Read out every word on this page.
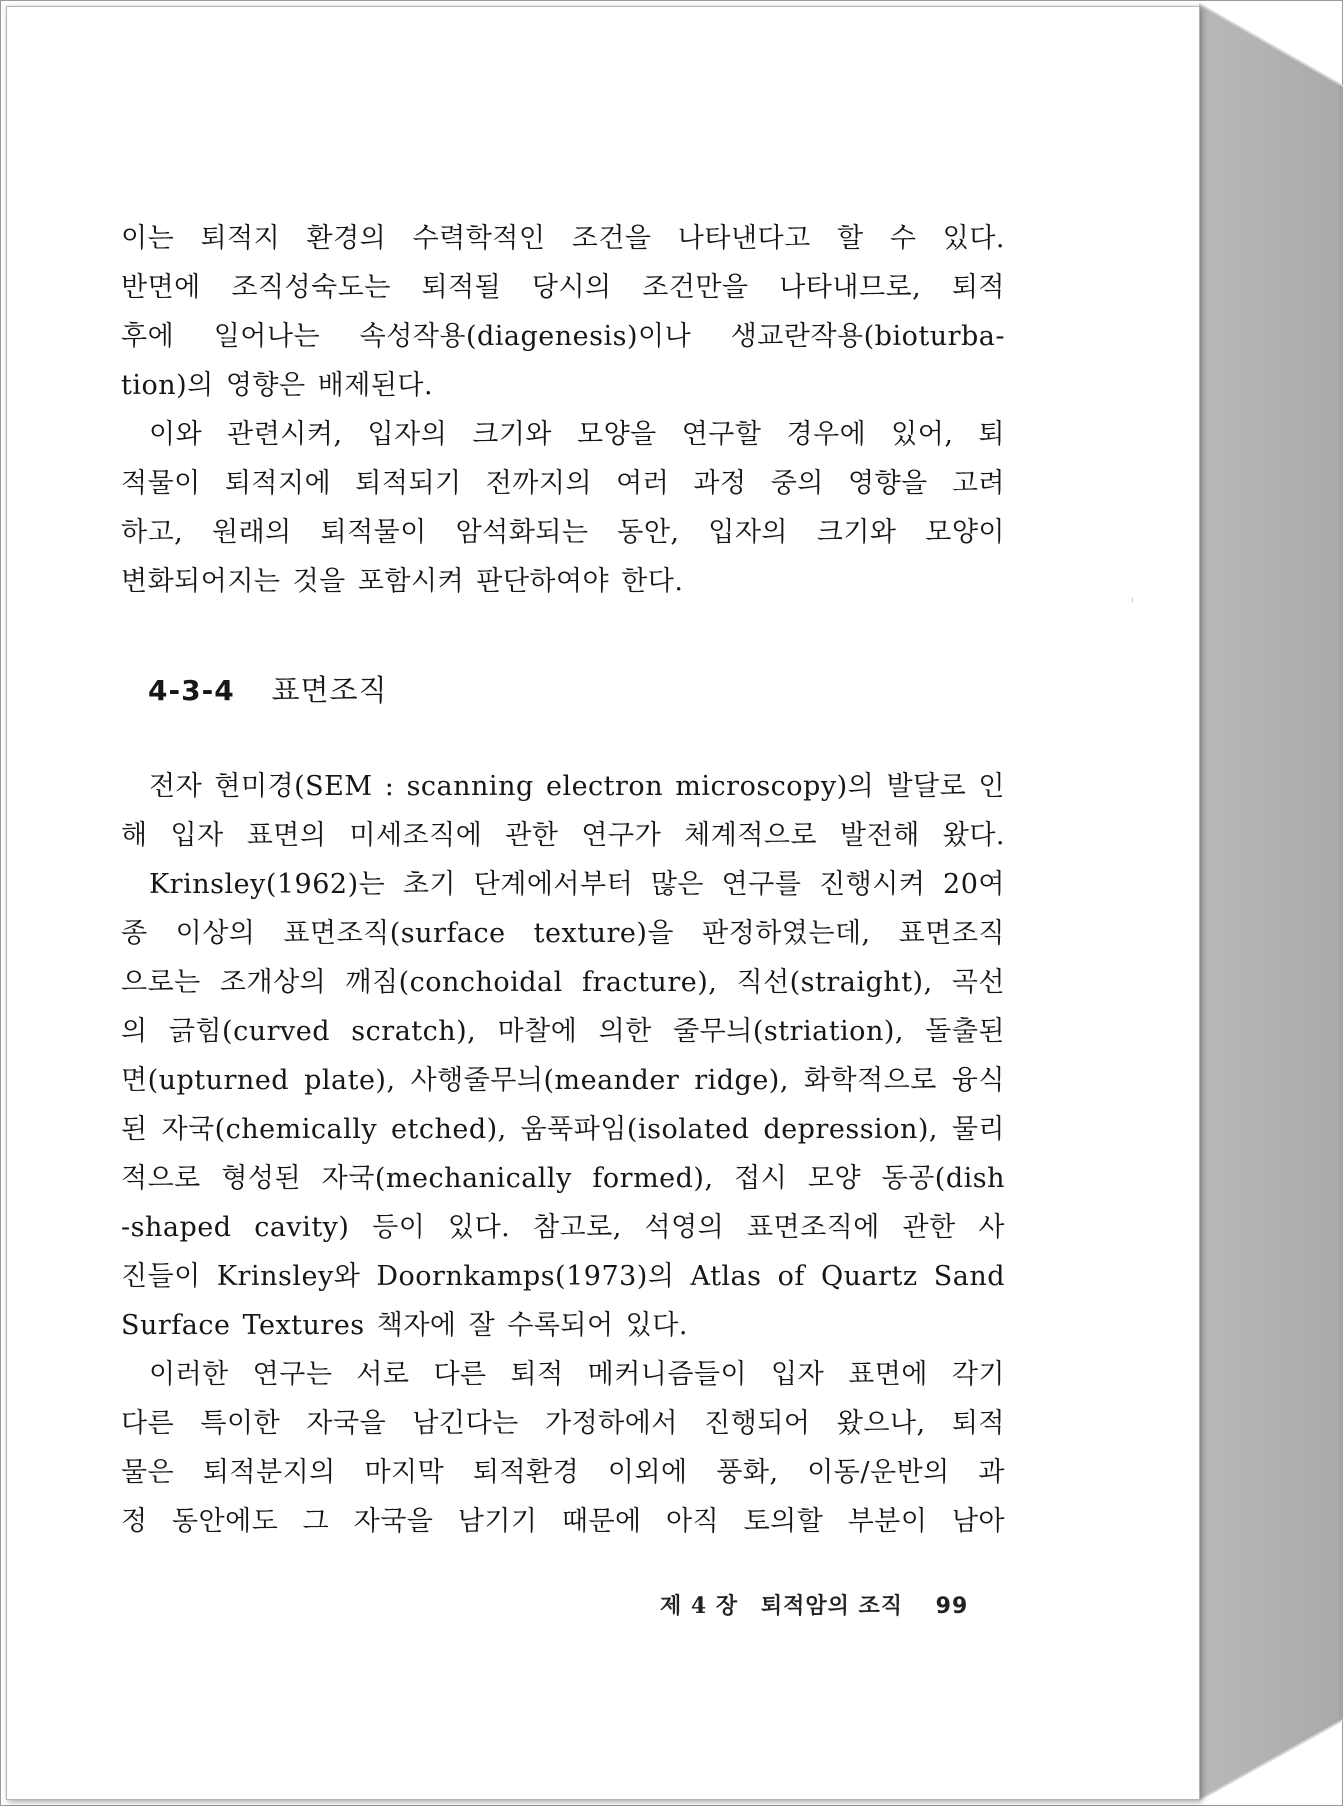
이는 퇴적지 환경의 수력학적인 조건을 나타낸다고 할 수 있다.
반면에 조직성숙도는 퇴적될 당시의 조건만을 나타내므로, 퇴적
후에 일어나는 속성작용(diagenesis)이나 생교란작용(bioturba-
tion)의 영향은 배제된다.

이와 관련시켜, 입자의 크기와 모양을 연구할 경우에 있어, 퇴
적물이 퇴적지에 퇴적되기 전까지의 여러 과정 중의 영향을 고려
하고, 원래의 퇴적물이 암석화되는 동안, 입자의 크기와 모양이
변화되어지는 것을 포함시켜 판단하여야 한다.

4-3-4 표면조직

전자 현미경(SEM : scanning electron microscopy)의 발달로 인
해 입자 표면의 미세조직에 관한 연구가 체계적으로 발전해 왔다.

Krinsley(1962)는 초기 단계에서부터 많은 연구를 진행시켜 20여
종 이상의 표면조직(surface texture)을 판정하였는데, 표면조직
으로는 조개상의 깨짐(conchoidal fracture), 직선(straight), 곡선
의 긁힘(curved scratch), 마찰에 의한 줄무늬(striation), 돌출된
면(upturned plate), 사행줄무늬(meander ridge), 화학적으로 융식
된 자국(chemically etched), 움푹파임(isolated depression), 물리
적으로 형성된 자국(mechanically formed), 접시 모양 동공(dish
-shaped cavity) 등이 있다. 참고로, 석영의 표면조직에 관한 사
진들이 Krinsley와 Doornkamps(1973)의 Atlas of Quartz Sand
Surface Textures 책자에 잘 수록되어 있다.

이러한 연구는 서로 다른 퇴적 메커니즘들이 입자 표면에 각기
다른 특이한 자국을 남긴다는 가정하에서 진행되어 왔으나, 퇴적
물은 퇴적분지의 마지막 퇴적환경 이외에 풍화, 이동/운반의 과
정 동안에도 그 자국을 남기기 때문에 아직 토의할 부분이 남아

제 4 장 퇴적암의 조직 99
